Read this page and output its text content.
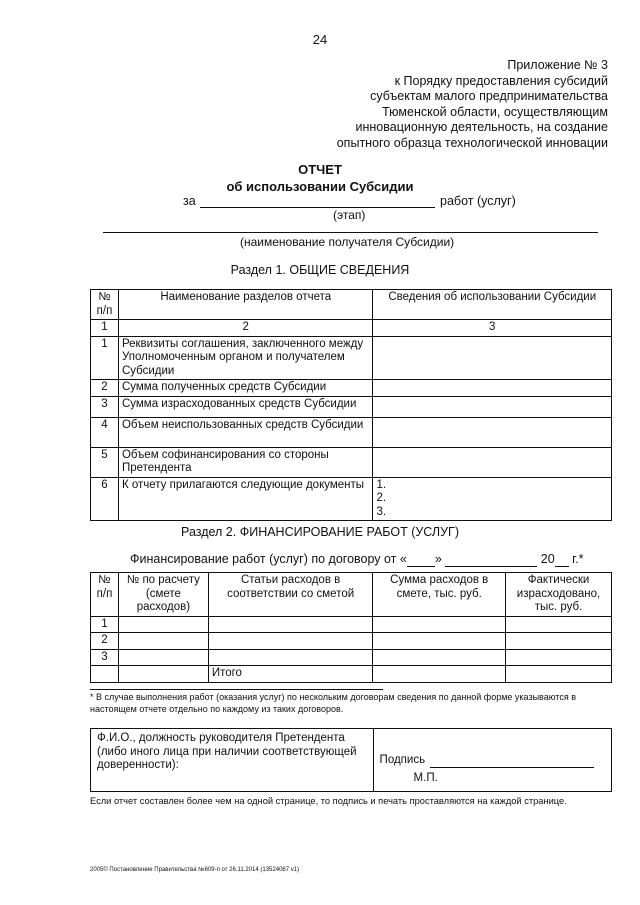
24
Приложение № 3
к Порядку предоставления субсидий
субъектам малого предпринимательства
Тюменской области, осуществляющим
инновационную деятельность, на создание
опытного образца технологической инновации
ОТЧЕТ
об использовании Субсидии
за	работ (услуг)
(этап)
(наименование получателя Субсидии)
Раздел 1. ОБЩИЕ СВЕДЕНИЯ
№ п/п	Наименование разделов отчета	Сведения об использовании Субсидии
1	2	3
1	Реквизиты соглашения, заключенного между Уполномоченным органом и получателем Субсидии	
2	Сумма полученных средств Субсидии	
3	Сумма израсходованных средств Субсидии	
4	Объем неиспользованных средств Субсидии	
5	Объем софинансирования со стороны Претендента	
6	К отчету прилагаются следующие документы	1.
2.
3.
Раздел 2. ФИНАНСИРОВАНИЕ РАБОТ (УСЛУГ)
Финансирование работ (услуг) по договору от « »	20 г.*
№ п/п	№ по расчету (смете расходов)	Статьи расходов в соответствии со сметой	Сумма расходов в смете, тыс. руб.	Фактически израсходовано, тыс. руб.
1				
2				
3				
		Итого		
* В случае выполнения работ (оказания услуг) по нескольким договорам сведения по данной форме указываются в настоящем отчете отдельно по каждому из таких договоров.
Ф.И.О., должность руководителя Претендента (либо иного лица при наличии соответствующей доверенности):	Подпись
М.П.
Если отчет составлен более чем на одной странице, то подпись и печать проставляются на каждой странице.
2005© Постановление Правительства №609-п от 26.11.2014 (13524067 v1)
